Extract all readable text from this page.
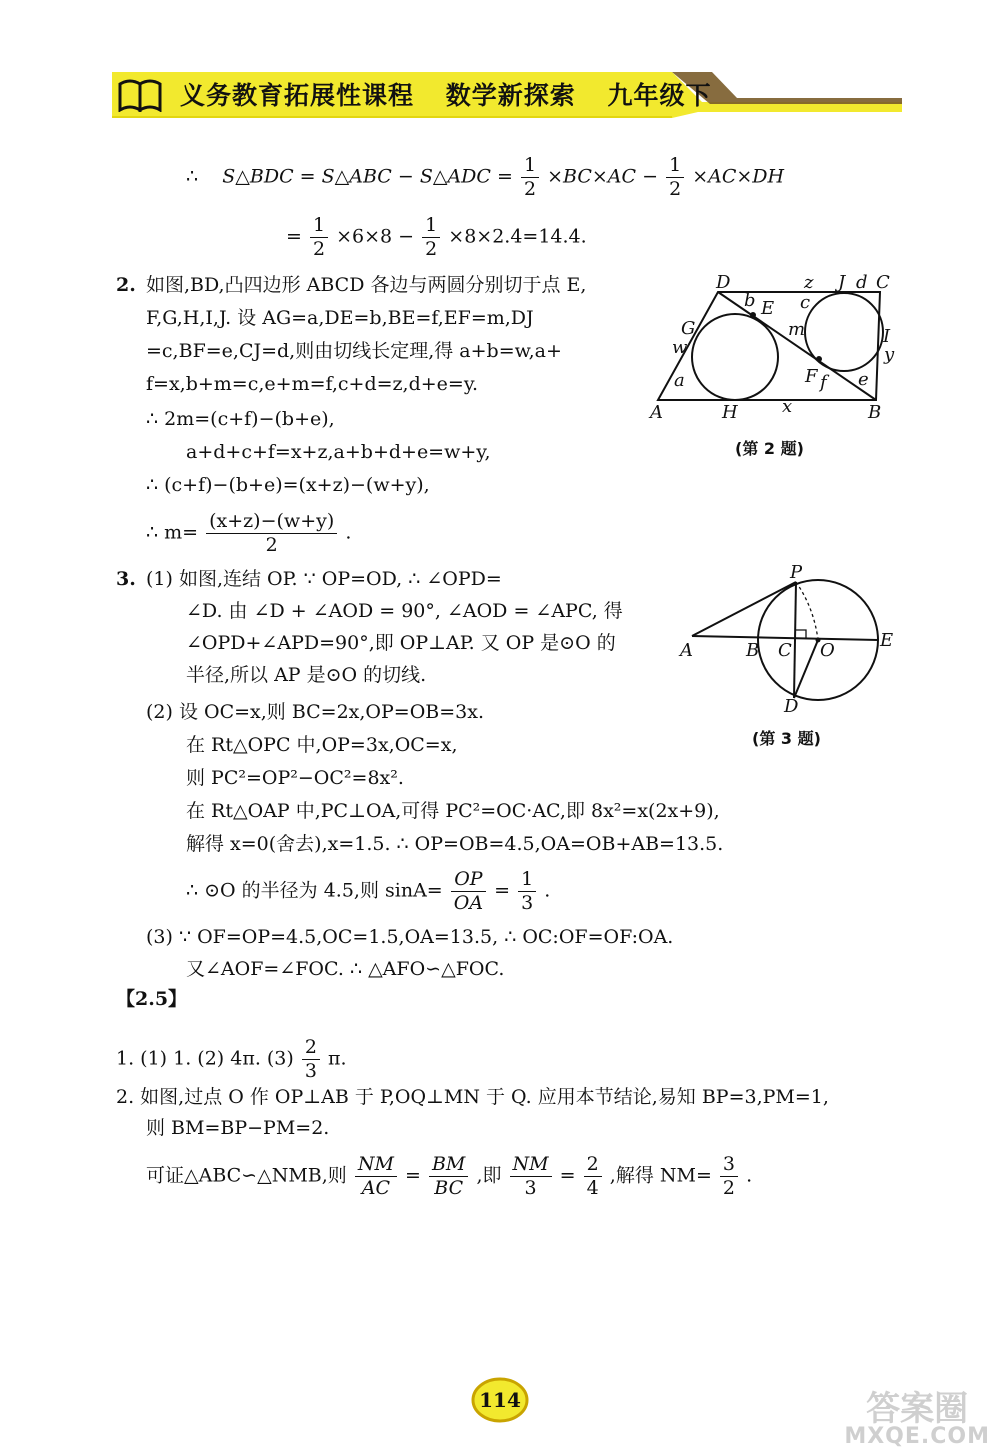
义务教育拓展性课程 数学新探索 九年级下
∴ S△BDC = S△ABC − S△ADC = $\frac{1}{2} \times BC\times AC - \frac{1}{2} \times AC\times DH$
= $\frac{1}{2} \times 6\times 8 - \frac{1}{2} \times 8\times 2.4=14.4$.
2. 如图,BD,凸四边形 ABCD 各边与两圆分别切于点 E,
F,G,H,I,J. 设 AG=a,DE=b,BE=f,EF=m,DJ
=c,BF=e,CJ=d,则由切线长定理,得 a+b=w,a+
f=x,b+m=c,e+m=f,c+d=z,d+e=y.
∴ 2m=(c+f)−(b+e),
a+d+c+f=x+z,a+b+d+e=w+y,
∴ (c+f)−(b+e)=(x+z)−(w+y),
∴ $m= \frac{(x+z)-(w+y)}{2}$ .
D	z J d C
b E c
G	m	I
w	y
F f e
a
A	H x	B
(第 2 题)
3. (1) 如图,连结 OP. ∵ OP=OD, ∴ ∠OPD=
∠D. 由 ∠D + ∠AOD = 90°, ∠AOD = ∠APC, 得
∠OPD+∠APD=90°,即 OP⊥AP. 又 OP 是⊙O 的
半径,所以 AP 是⊙O 的切线.
(2) 设 OC=x,则 BC=2x,OP=OB=3x.
在 Rt△OPC 中,OP=3x,OC=x,
则 PC²=OP²−OC²=8x².
在 Rt△OAP 中,PC⊥OA,可得 PC²=OC·AC,即 8x²=x(2x+9),
解得 x=0(舍去),x=1.5. ∴ OP=OB=4.5,OA=OB+AB=13.5.
∴ ⊙O 的半径为 4.5,则 $\sin A= \frac{OP}{OA} = \frac{1}{3}$ .
(3) ∵ OF=OP=4.5,OC=1.5,OA=13.5, ∴ OC:OF=OF:OA.
又∠AOF=∠FOC. ∴ △AFO∽△FOC.
P
A	B C O	E
D
(第 3 题)
【2.5】
1. (1) 1. (2) 4π. $(3) \frac{2}{3} \pi$.
2. 如图,过点 O 作 OP⊥AB 于 P,OQ⊥MN 于 Q. 应用本节结论,易知 BP=3,PM=1,
则 BM=BP−PM=2.
可证△ABC∽△NMB,则 $\frac{NM}{AC} = \frac{BM}{BC}$ ,即 $\frac{NM}{3} = \frac{2}{4}$ ,解得 $NM= \frac{3}{2}$ .
114	答案圈
MXQE.COM
